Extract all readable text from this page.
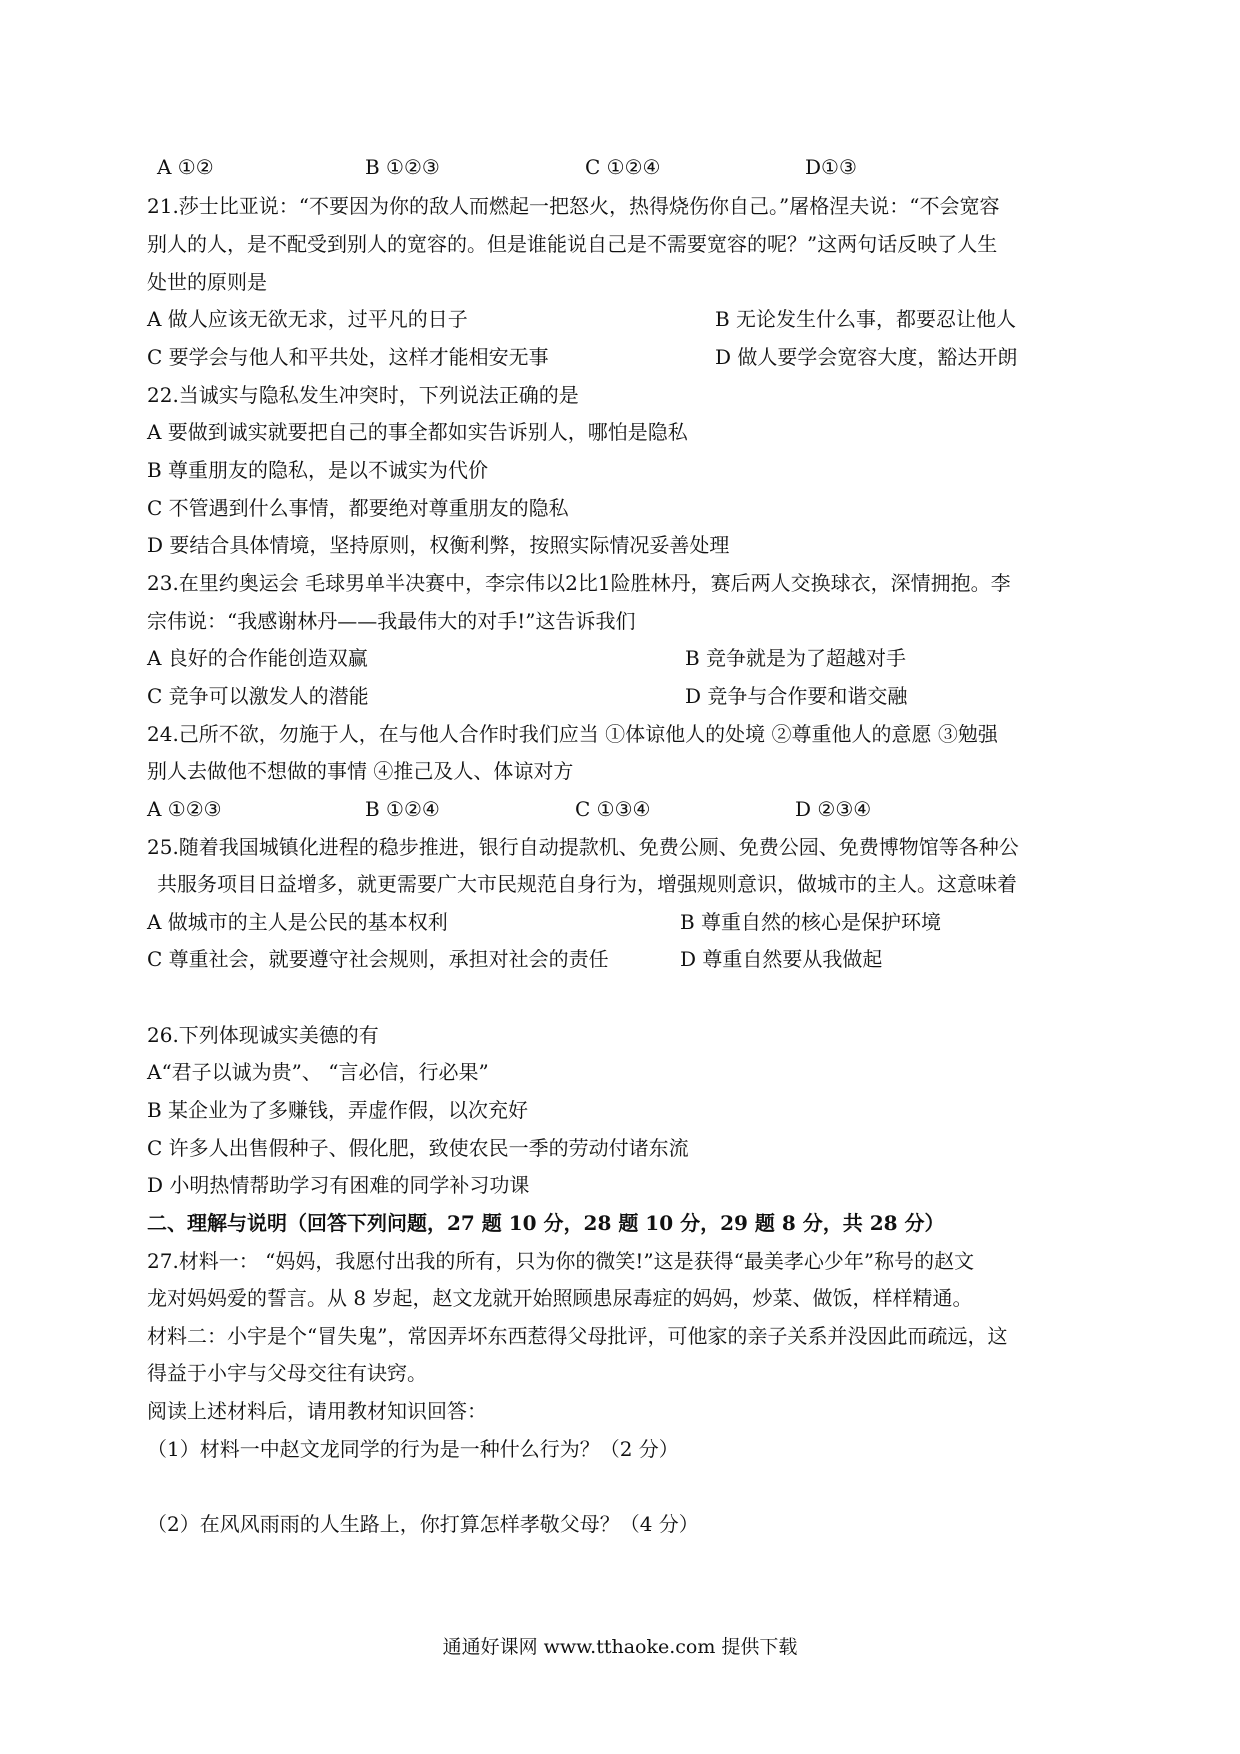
A ①②	B ①②③	C ①②④	D①③
21.莎士比亚说：“不要因为你的敌人而燃起一把怒火，热得烧伤你自己。”屠格涅夫说：“不会宽容
别人的人，是不配受到别人的宽容的。但是谁能说自己是不需要宽容的呢？”这两句话反映了人生
处世的原则是
A 做人应该无欲无求，过平凡的日子	B 无论发生什么事，都要忍让他人
C 要学会与他人和平共处，这样才能相安无事	D 做人要学会宽容大度，豁达开朗
22.当诚实与隐私发生冲突时，下列说法正确的是
A 要做到诚实就要把自己的事全都如实告诉别人，哪怕是隐私
B 尊重朋友的隐私，是以不诚实为代价
C 不管遇到什么事情，都要绝对尊重朋友的隐私
D 要结合具体情境，坚持原则，权衡利弊，按照实际情况妥善处理
23.在里约奥运会 毛球男单半决赛中，李宗伟以2比1险胜林丹，赛后两人交换球衣，深情拥抱。李
宗伟说：“我感谢林丹——我最伟大的对手!”这告诉我们
A 良好的合作能创造双赢	B 竞争就是为了超越对手
C 竞争可以激发人的潜能	D 竞争与合作要和谐交融
24.己所不欲，勿施于人，在与他人合作时我们应当 ①体谅他人的处境 ②尊重他人的意愿 ③勉强
别人去做他不想做的事情 ④推己及人、体谅对方
A ①②③	B ①②④	C ①③④	D ②③④
25.随着我国城镇化进程的稳步推进，银行自动提款机、免费公厕、免费公园、免费博物馆等各种公
共服务项目日益增多，就更需要广大市民规范自身行为，增强规则意识，做城市的主人。这意味着
A 做城市的主人是公民的基本权利	B 尊重自然的核心是保护环境
C 尊重社会，就要遵守社会规则，承担对社会的责任	D 尊重自然要从我做起
26.下列体现诚实美德的有
A“君子以诚为贵”、 “言必信，行必果”
B 某企业为了多赚钱，弄虚作假，以次充好
C 许多人出售假种子、假化肥，致使农民一季的劳动付诸东流
D 小明热情帮助学习有困难的同学补习功课
二、理解与说明（回答下列问题，27 题 10 分，28 题 10 分，29 题 8 分，共 28 分）
27.材料一： “妈妈，我愿付出我的所有，只为你的微笑!”这是获得“最美孝心少年”称号的赵文
龙对妈妈爱的誓言。从 8 岁起，赵文龙就开始照顾患尿毒症的妈妈，炒菜、做饭，样样精通。
材料二：小宇是个“冒失鬼”，常因弄坏东西惹得父母批评，可他家的亲子关系并没因此而疏远，这
得益于小宇与父母交往有诀窍。
阅读上述材料后，请用教材知识回答：
（1）材料一中赵文龙同学的行为是一种什么行为？（2 分）
（2）在风风雨雨的人生路上，你打算怎样孝敬父母？（4 分）
通通好课网 www.tthaoke.com 提供下载
